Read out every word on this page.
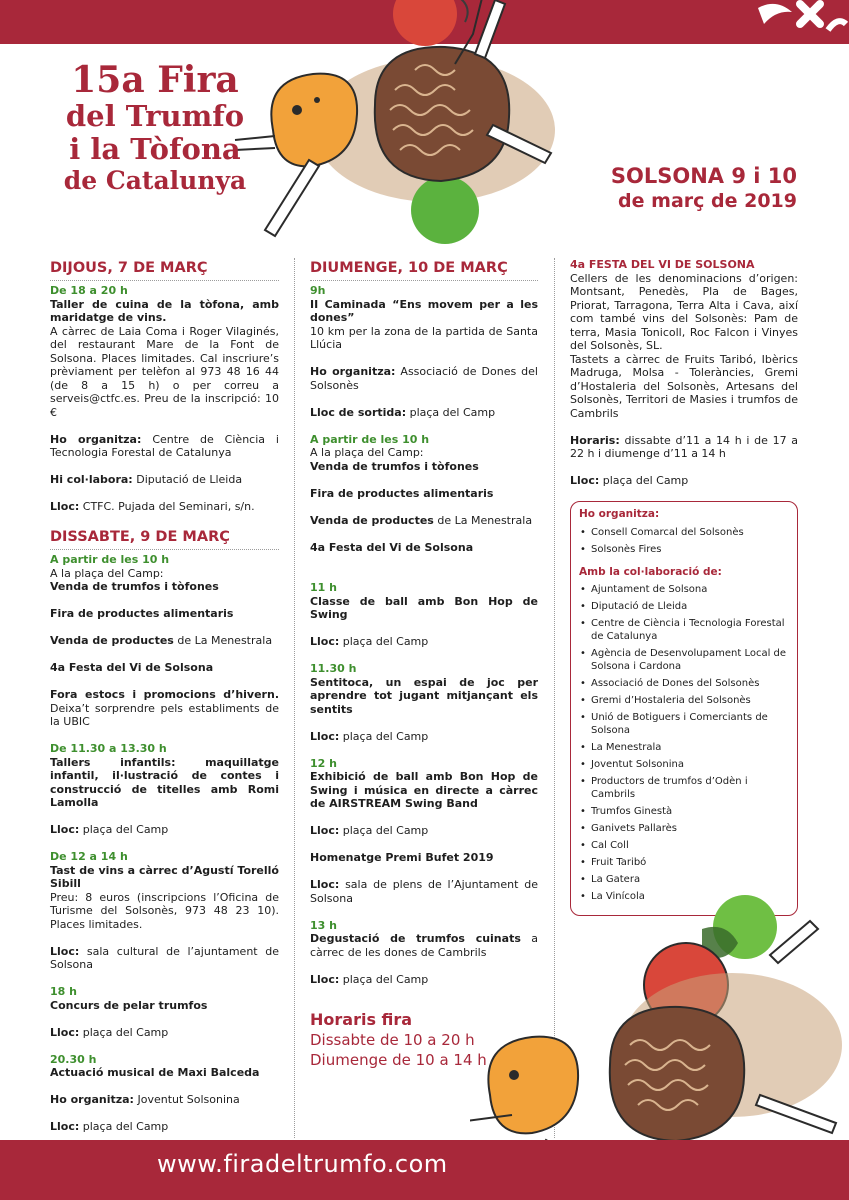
15a Fira
del Trumfo
i la Tòfona
de Catalunya	SOLSONA 9 i 10
de març de 2019
DIJOUS, 7 DE MARÇ

De 18 a 20 h
Taller de cuina de la tòfona, amb maridatge de vins.
A càrrec de Laia Coma i Roger Vilaginés, del restaurant Mare de la Font de Solsona. Places limitades. Cal inscriure’s prèviament per telèfon al 973 48 16 44 (de 8 a 15 h) o per correu a serveis@ctfc.es. Preu de la inscripció: 10 €

Ho organitza: Centre de Ciència i Tecnologia Forestal de Catalunya

Hi col·labora: Diputació de Lleida

Lloc: CTFC. Pujada del Seminari, s/n.

DISSABTE, 9 DE MARÇ

A partir de les 10 h
A la plaça del Camp:
Venda de trumfos i tòfones

Fira de productes alimentaris

Venda de productes de La Menestrala

4a Festa del Vi de Solsona

Fora estocs i promocions d’hivern. Deixa’t sorprendre pels establiments de la UBIC

De 11.30 a 13.30 h
Tallers infantils: maquillatge infantil, il·lustració de contes i construcció de titelles amb Romi Lamolla

Lloc: plaça del Camp

De 12 a 14 h
Tast de vins a càrrec d’Agustí Torelló Sibill
Preu: 8 euros (inscripcions l’Oficina de Turisme del Solsonès, 973 48 23 10). Places limitades.

Lloc: sala cultural de l’ajuntament de Solsona

18 h
Concurs de pelar trumfos

Lloc: plaça del Camp

20.30 h
Actuació musical de Maxi Balceda

Ho organitza: Joventut Solsonina

Lloc: plaça del Camp

DIUMENGE, 10 DE MARÇ

9h
II Caminada “Ens movem per a les dones”
10 km per la zona de la partida de Santa Llúcia

Ho organitza: Associació de Dones del Solsonès

Lloc de sortida: plaça del Camp

A partir de les 10 h
A la plaça del Camp:
Venda de trumfos i tòfones

Fira de productes alimentaris

Venda de productes de La Menestrala

4a Festa del Vi de Solsona

11 h
Classe de ball amb Bon Hop de Swing

Lloc: plaça del Camp

11.30 h
Sentitoca, un espai de joc per aprendre tot jugant mitjançant els sentits

Lloc: plaça del Camp

12 h
Exhibició de ball amb Bon Hop de Swing i música en directe a càrrec de AIRSTREAM Swing Band

Lloc: plaça del Camp

Homenatge Premi Bufet 2019

Lloc: sala de plens de l’Ajuntament de Solsona

13 h
Degustació de trumfos cuinats a càrrec de les dones de Cambrils

Lloc: plaça del Camp

Horaris fira
Dissabte de 10 a 20 h
Diumenge de 10 a 14 h
4a FESTA DEL VI DE SOLSONA
Cellers de les denominacions d’origen: Montsant, Penedès, Pla de Bages, Priorat, Tarragona, Terra Alta i Cava, així com també vins del Solsonès: Pam de terra, Masia Tonicoll, Roc Falcon i Vinyes del Solsonès, SL.

Tastets a càrrec de Fruits Taribó, Ibèrics Madruga, Molsa - Toleràncies, Gremi d’Hostaleria del Solsonès, Artesans del Solsonès, Territori de Masies i trumfos de Cambrils

Horaris: dissabte d’11 a 14 h i de 17 a 22 h i diumenge d’11 a 14 h

Lloc: plaça del Camp

Ho organitza:
• Consell Comarcal del Solsonès
• Solsonès Fires
Amb la col·laboració de:
• Ajuntament de Solsona
• Diputació de Lleida
• Centre de Ciència i Tecnologia Forestal de Catalunya
• Agència de Desenvolupament Local de Solsona i Cardona
• Associació de Dones del Solsonès
• Gremi d’Hostaleria del Solsonès
• Unió de Botiguers i Comerciants de Solsona
• La Menestrala
• Joventut Solsonina
• Productors de trumfos d’Odèn i Cambrils
• Trumfos Ginestà
• Ganivets Pallarès
• Cal Coll
• Fruit Taribó
• La Gatera
• La Vinícola
www.firadeltrumfo.com
